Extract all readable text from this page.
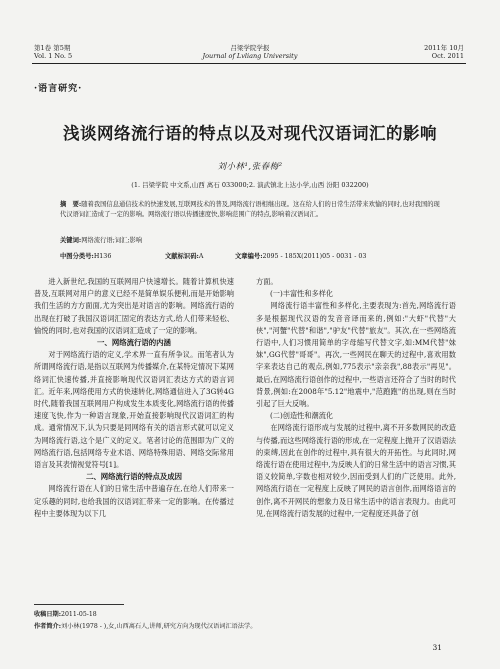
第1卷 第5期
Vol. 1 No. 5
吕梁学院学报
Journal of Lvliang University
2011年 10月
Oct. 2011
·语言研究·
浅谈网络流行语的特点以及对现代汉语词汇的影响
刘小林¹,张春梅²
(1. 吕梁学院 中文系,山西 离石 033000;2. 演武镇北上达小学,山西 汾阳 032200)
摘　要:随着我国信息通信技术的快速发展,互联网技术的普及,网络流行语相继出现。这在给人们的日常生活带来欢愉的同时,也对我国的现代汉语词汇造成了一定的影响。网络流行语以传播速度快,影响范围广的特点,影响着汉语词汇。
关键词:网络流行语;词汇;影响
中图分类号:H136	文献标识码:A	文章编号:2095 - 185X(2011)05 - 0031 - 03

进入新世纪,我国的互联网用户快速增长。随着计算机快速普及,互联网对用户的意义已经不是简单娱乐便利,而是开始影响我们生活的方方面面,尤为突出是对语言的影响。网络流行语的出现在打破了我国汉语词汇固定的表达方式,给人们带来轻松、愉悦的同时,也对我国的汉语词汇造成了一定的影响。

一、网络流行语的内涵

对于网络流行语的定义,学术界一直有所争议。而笔者认为所谓网络流行语,是指以互联网为传播媒介,在某特定情况下某网络词汇快速传播,并直接影响现代汉语词汇表达方式的语言词汇。近年来,网络使用方式的快速转化,网络通信进入了3G转4G时代,随着我国互联网用户构成发生本质变化,网络流行语的传播速度飞快,作为一种语言现象,开始直接影响现代汉语词汇的构成。通常情况下,认为只要是同网络有关的语言形式就可以定义为网络流行语,这个是广义的定义。笔者讨论的范围即为广义的网络流行语,包括网络专业术语、网络特殊用语、网络交际常用语言及其表情视觉符号[1]。

二、网络流行语的特点及成因

网络流行语在人们的日常生活中普遍存在,在给人们带来一定乐趣的同时,也给我国的汉语词汇带来一定的影响。在传播过程中主要体现为以下几

方面。

(一)丰富性和多样化

网络流行语丰富性和多样化,主要表现为:首先,网络流行语多是根据现代汉语的发音音译而来的,例如:"大虾"代替"大侠","河蟹"代替"和谐","驴友"代替"旅友"。其次,在一些网络流行语中,人们习惯用简单的字母缩写代替文字,如:MM代替"妹妹",GG代替"哥哥"。再次,一些网民在聊天的过程中,喜欢用数字来表达自己的观点,例如,775表示"亲亲我",88表示"再见"。最后,在网络流行语创作的过程中,一些语言还符合了当时的时代背景,例如:在2008年"5.12"地震中,"范跑跑"的出现,则在当时引起了巨大反响。

(二)创造性和潮流化

在网络流行语形成与发展的过程中,离不开多数网民的改造与传播,而这些网络流行语的形成,在一定程度上抛开了汉语语法的束缚,因此在创作的过程中,具有很大的开拓性。与此同时,网络流行语在使用过程中,为反映人们的日常生活中的语言习惯,其语义较简单,字数也相对较少,因而受到人们的广泛使用。此外,网络流行语在一定程度上反映了网民的语言创作,而网络语言的创作,离不开网民的想象力及日常生活中的语言表现力。由此可见,在网络流行语发展的过程中,一定程度还具备了创

收稿日期:2011-05-18
作者简介:刘小林(1978 - ),女,山西离石人,讲师,研究方向为现代汉语词汇语法学。
31
